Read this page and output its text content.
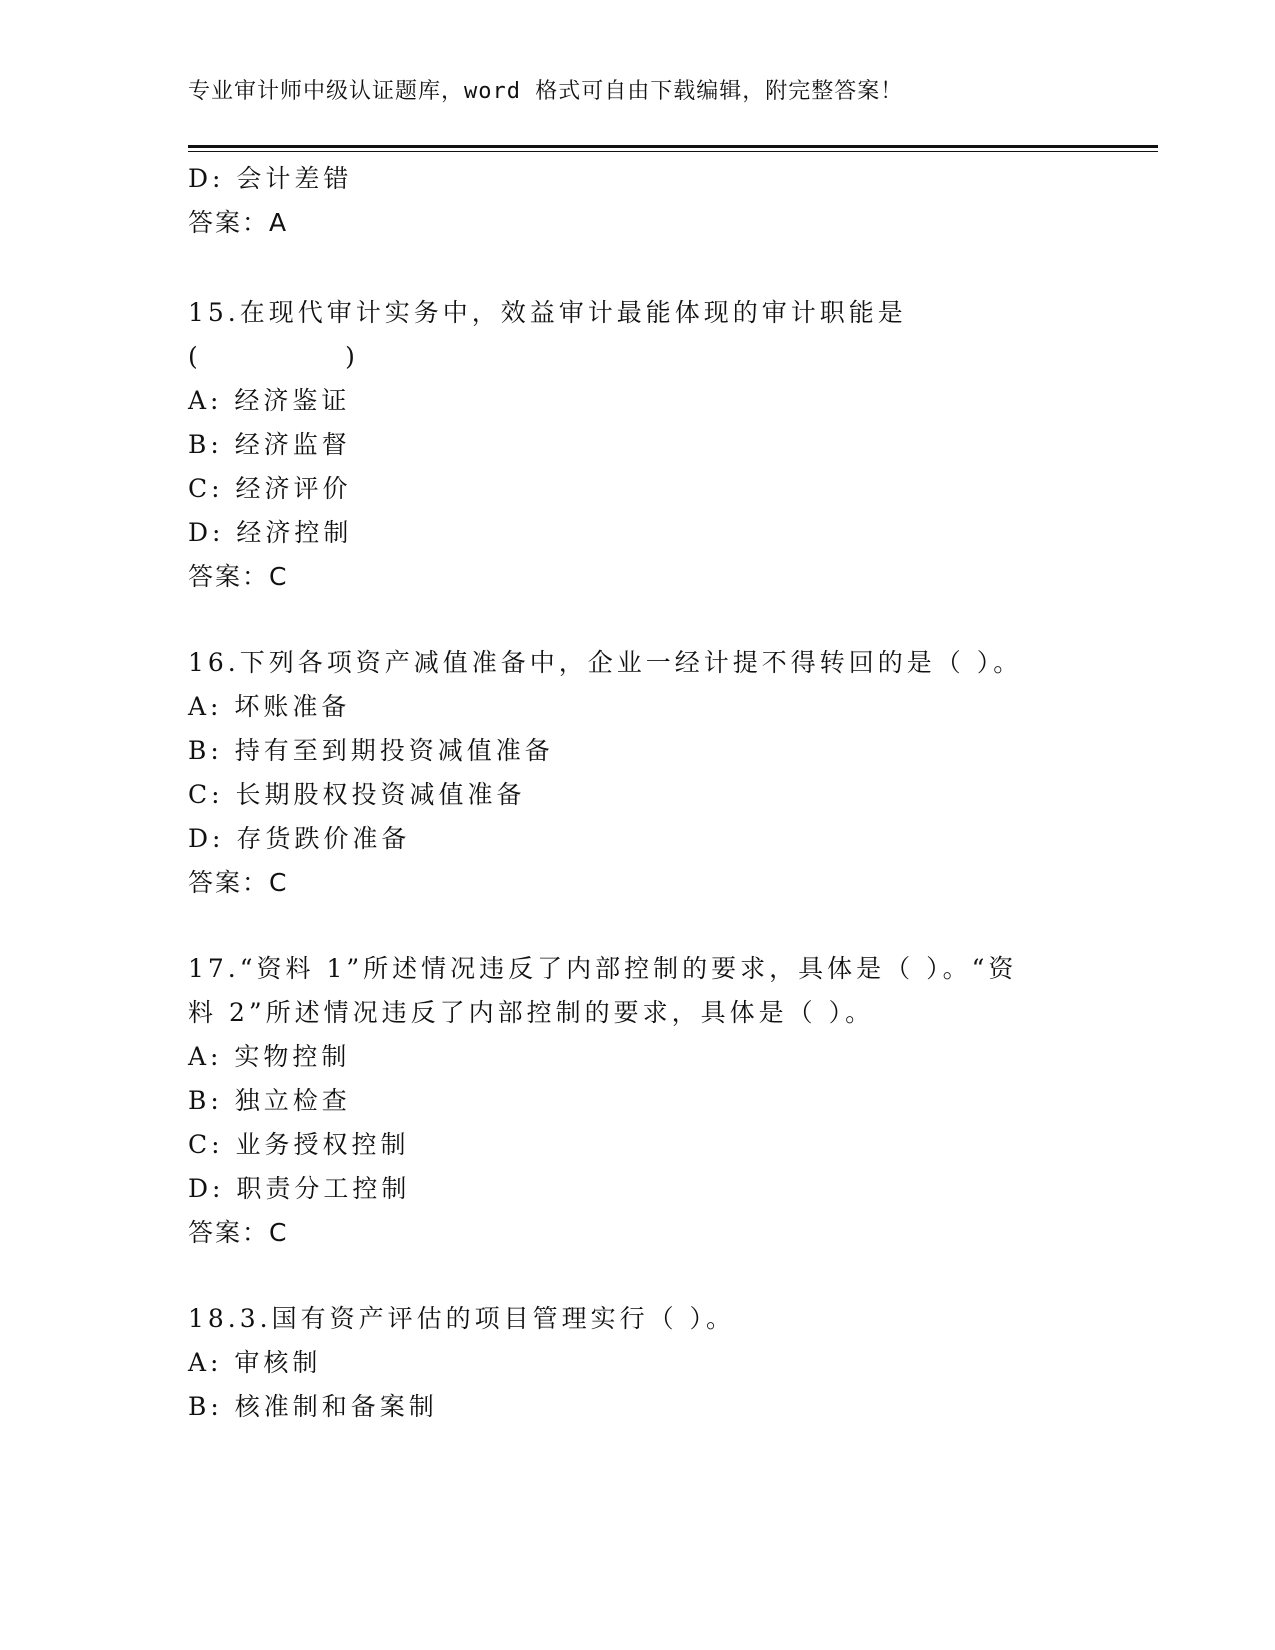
专业审计师中级认证题库，word 格式可自由下载编辑，附完整答案！
D: 会计差错
答案：A
15.在现代审计实务中，效益审计最能体现的审计职能是
(            )
A: 经济鉴证
B: 经济监督
C: 经济评价
D: 经济控制
答案：C
16.下列各项资产减值准备中，企业一经计提不得转回的是（ ）。
A: 坏账准备
B: 持有至到期投资减值准备
C: 长期股权投资减值准备
D: 存货跌价准备
答案：C
17.“资料 1”所述情况违反了内部控制的要求，具体是（ ）。“资
料 2”所述情况违反了内部控制的要求，具体是（ ）。
A: 实物控制
B: 独立检查
C: 业务授权控制
D: 职责分工控制
答案：C
18.3.国有资产评估的项目管理实行（ ）。
A: 审核制
B: 核准制和备案制
